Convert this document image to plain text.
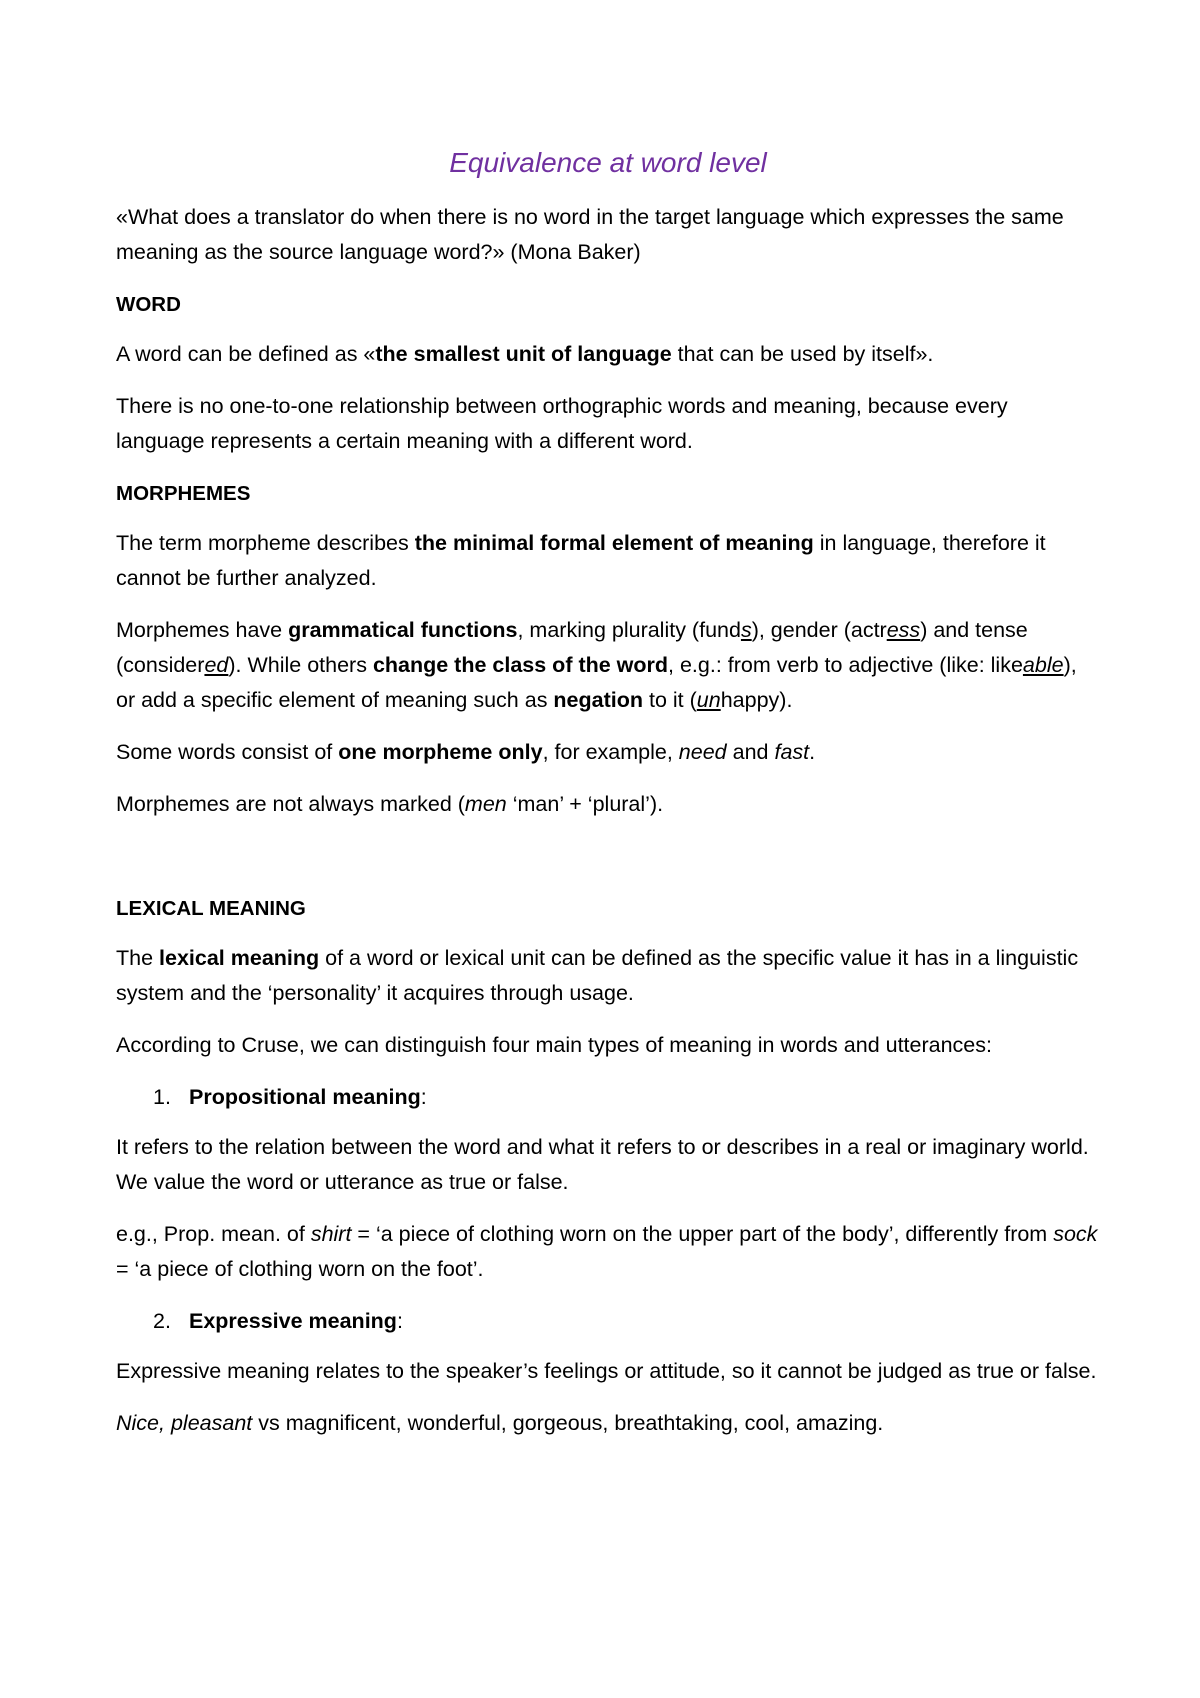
Equivalence at word level

«What does a translator do when there is no word in the target language which expresses the same meaning as the source language word?» (Mona Baker)

WORD

A word can be defined as «the smallest unit of language that can be used by itself».

There is no one-to-one relationship between orthographic words and meaning, because every language represents a certain meaning with a different word.

MORPHEMES

The term morpheme describes the minimal formal element of meaning in language, therefore it cannot be further analyzed.

Morphemes have grammatical functions, marking plurality (funds), gender (actress) and tense (considered). While others change the class of the word, e.g.: from verb to adjective (like: likeable), or add a specific element of meaning such as negation to it (unhappy).

Some words consist of one morpheme only, for example, need and fast.

Morphemes are not always marked (men ‘man’ + ‘plural’).

LEXICAL MEANING

The lexical meaning of a word or lexical unit can be defined as the specific value it has in a linguistic system and the ‘personality’ it acquires through usage.

According to Cruse, we can distinguish four main types of meaning in words and utterances:

1. Propositional meaning:

It refers to the relation between the word and what it refers to or describes in a real or imaginary world. We value the word or utterance as true or false.

e.g., Prop. mean. of shirt = ‘a piece of clothing worn on the upper part of the body’, differently from sock = ‘a piece of clothing worn on the foot’.

2. Expressive meaning:

Expressive meaning relates to the speaker’s feelings or attitude, so it cannot be judged as true or false.

Nice, pleasant vs magnificent, wonderful, gorgeous, breathtaking, cool, amazing.
